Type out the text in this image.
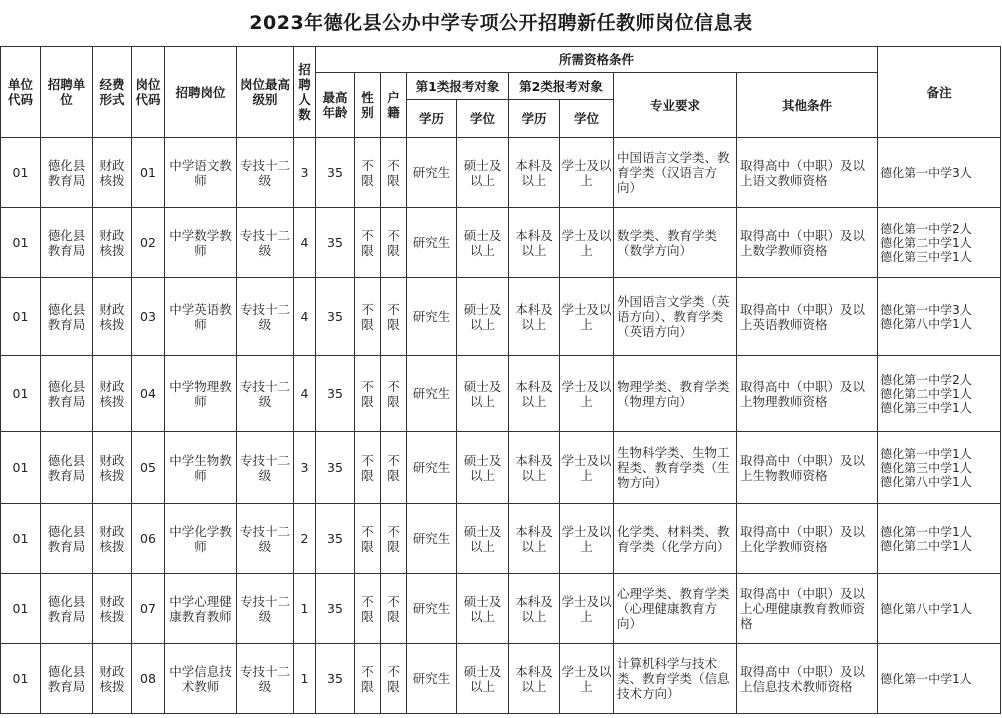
2023年德化县公办中学专项公开招聘新任教师岗位信息表
单位代码	招聘单位	经费形式	岗位代码	招聘岗位	岗位最高级别	招聘人数	所需资格条件									备注
							最高年龄	性别	户籍	第1类报考对象		第2类报考对象		专业要求	其他条件	
										学历	学位	学历	学位			
01	德化县教育局	财政核拨	01	中学语文教师	专技十二级	3	35	不限	不限	研究生	硕士及以上	本科及以上	学士及以上	中国语言文学类、教育学类（汉语言方向）	取得高中（中职）及以上语文教师资格	德化第一中学3人
01	德化县教育局	财政核拨	02	中学数学教师	专技十二级	4	35	不限	不限	研究生	硕士及以上	本科及以上	学士及以上	数学类、教育学类（数学方向）	取得高中（中职）及以上数学教师资格	德化第一中学2人
德化第二中学1人
德化第三中学1人
01	德化县教育局	财政核拨	03	中学英语教师	专技十二级	4	35	不限	不限	研究生	硕士及以上	本科及以上	学士及以上	外国语言文学类（英语方向）、教育学类（英语方向）	取得高中（中职）及以上英语教师资格	德化第一中学3人
德化第八中学1人
01	德化县教育局	财政核拨	04	中学物理教师	专技十二级	4	35	不限	不限	研究生	硕士及以上	本科及以上	学士及以上	物理学类、教育学类（物理方向）	取得高中（中职）及以上物理教师资格	德化第一中学2人
德化第二中学1人
德化第三中学1人
01	德化县教育局	财政核拨	05	中学生物教师	专技十二级	3	35	不限	不限	研究生	硕士及以上	本科及以上	学士及以上	生物科学类、生物工程类、教育学类（生物方向）	取得高中（中职）及以上生物教师资格	德化第一中学1人
德化第三中学1人
德化第八中学1人
01	德化县教育局	财政核拨	06	中学化学教师	专技十二级	2	35	不限	不限	研究生	硕士及以上	本科及以上	学士及以上	化学类、材料类、教育学类（化学方向）	取得高中（中职）及以上化学教师资格	德化第一中学1人
德化第二中学1人
01	德化县教育局	财政核拨	07	中学心理健康教育教师	专技十二级	1	35	不限	不限	研究生	硕士及以上	本科及以上	学士及以上	心理学类、教育学类（心理健康教育方向）	取得高中（中职）及以上心理健康教育教师资格	德化第八中学1人
01	德化县教育局	财政核拨	08	中学信息技术教师	专技十二级	1	35	不限	不限	研究生	硕士及以上	本科及以上	学士及以上	计算机科学与技术类、教育学类（信息技术方向）	取得高中（中职）及以上信息技术教师资格	德化第一中学1人
